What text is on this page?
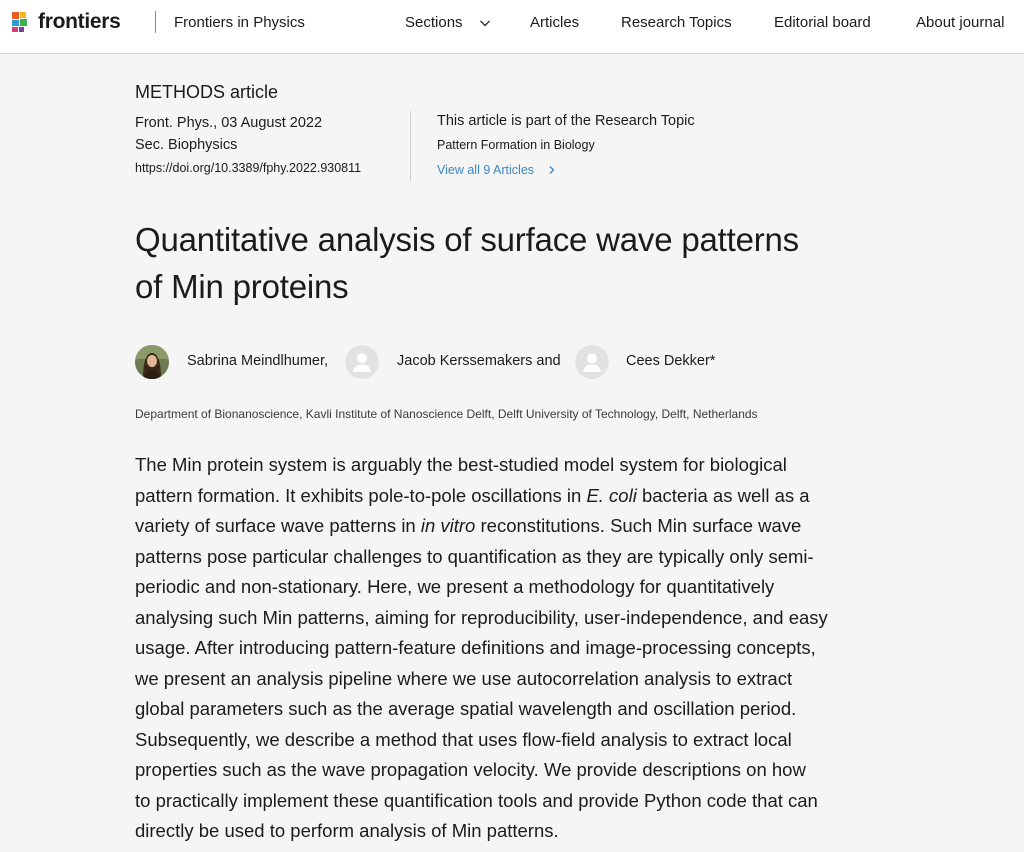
frontiers	Frontiers in Physics	Sections	Articles	Research Topics	Editorial board	About journal
METHODS article
Front. Phys., 03 August 2022
Sec. Biophysics
https://doi.org/10.3389/fphy.2022.930811
This article is part of the Research Topic
Pattern Formation in Biology
View all 9 Articles
Quantitative analysis of surface wave patterns
of Min proteins
Sabrina Meindlhumer,	Jacob Kerssemakers and	Cees Dekker*
Department of Bionanoscience, Kavli Institute of Nanoscience Delft, Delft University of Technology, Delft, Netherlands
The Min protein system is arguably the best-studied model system for biological
pattern formation. It exhibits pole-to-pole oscillations in E. coli bacteria as well as a
variety of surface wave patterns in in vitro reconstitutions. Such Min surface wave
patterns pose particular challenges to quantification as they are typically only semi-
periodic and non-stationary. Here, we present a methodology for quantitatively
analysing such Min patterns, aiming for reproducibility, user-independence, and easy
usage. After introducing pattern-feature definitions and image-processing concepts,
we present an analysis pipeline where we use autocorrelation analysis to extract
global parameters such as the average spatial wavelength and oscillation period.
Subsequently, we describe a method that uses flow-field analysis to extract local
properties such as the wave propagation velocity. We provide descriptions on how
to practically implement these quantification tools and provide Python code that can
directly be used to perform analysis of Min patterns.
